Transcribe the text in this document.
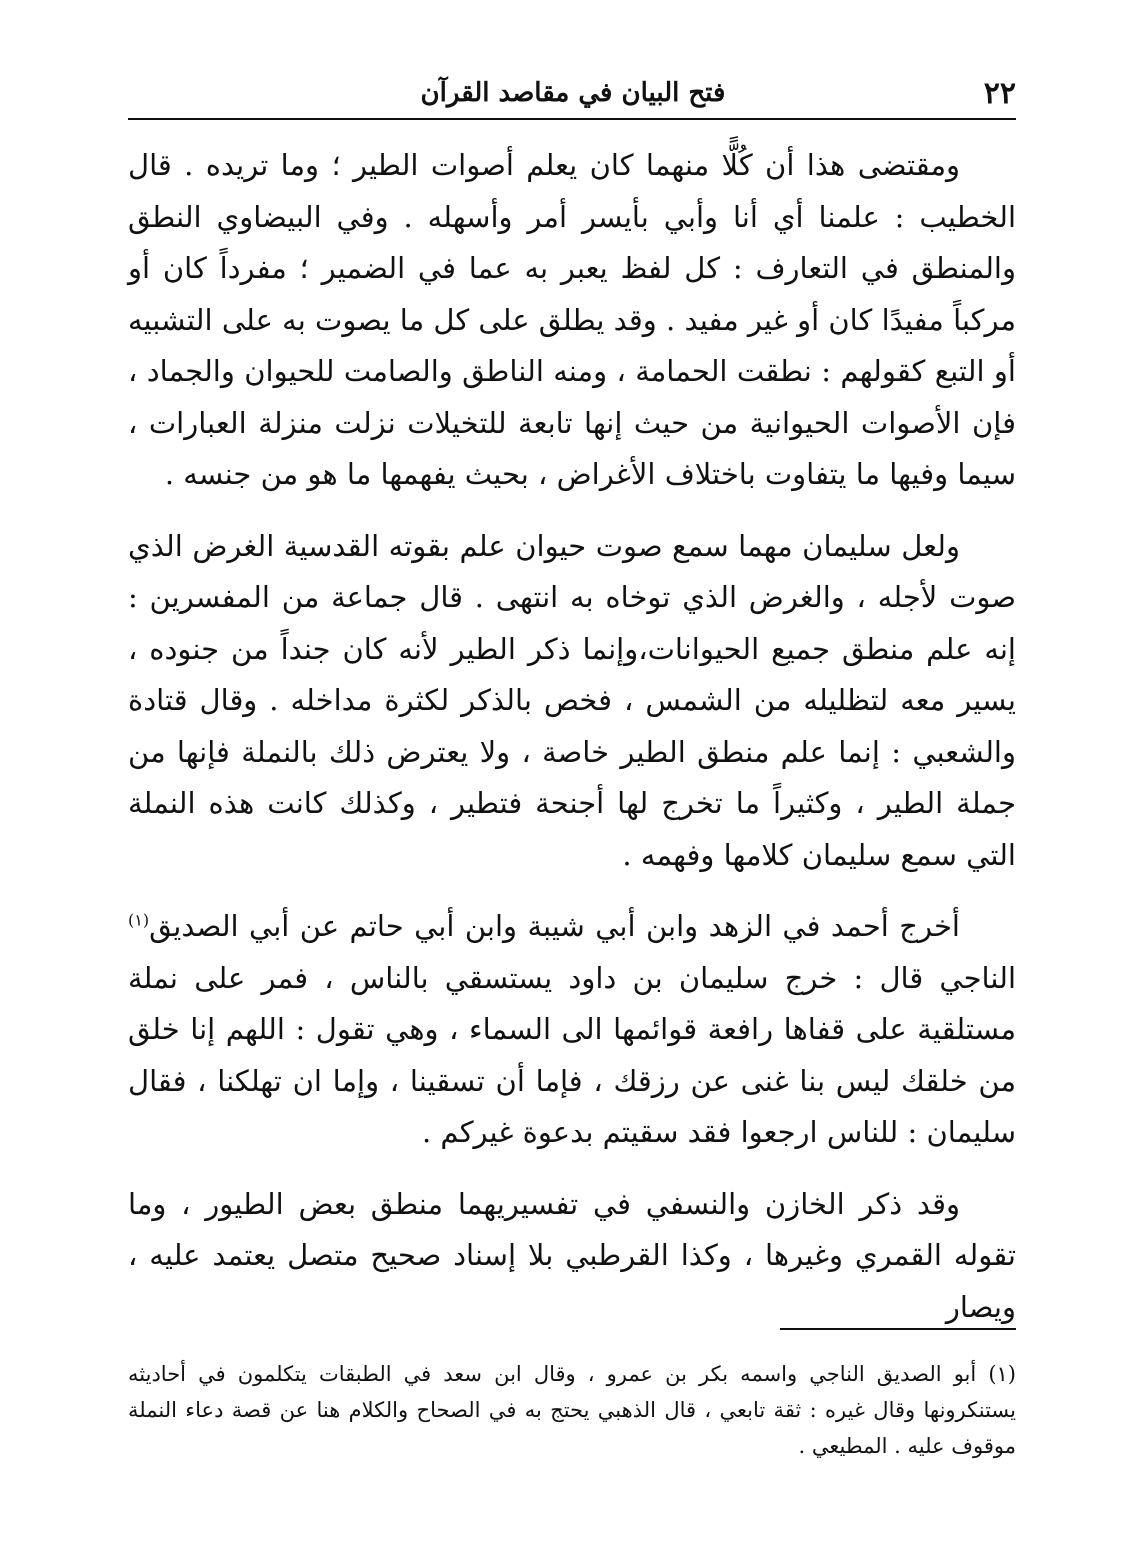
٢٢
فتح البيان في مقاصد القرآن

ومقتضى هذا أن كُلًّا منهما كان يعلم أصوات الطير ؛ وما تريده . قال الخطيب : علمنا أي أنا وأبي بأيسر أمر وأسهله . وفي البيضاوي النطق والمنطق في التعارف : كل لفظ يعبر به عما في الضمير ؛ مفرداً كان أو مركباً مفيدًا كان أو غير مفيد . وقد يطلق على كل ما يصوت به على التشبيه أو التبع كقولهم : نطقت الحمامة ، ومنه الناطق والصامت للحيوان والجماد ، فإن الأصوات الحيوانية من حيث إنها تابعة للتخيلات نزلت منزلة العبارات ، سيما وفيها ما يتفاوت باختلاف الأغراض ، بحيث يفهمها ما هو من جنسه .

ولعل سليمان مهما سمع صوت حيوان علم بقوته القدسية الغرض الذي صوت لأجله ، والغرض الذي توخاه به انتهى . قال جماعة من المفسرين : إنه علم منطق جميع الحيوانات،وإنما ذكر الطير لأنه كان جنداً من جنوده ، يسير معه لتظليله من الشمس ، فخص بالذكر لكثرة مداخله . وقال قتادة والشعبي : إنما علم منطق الطير خاصة ، ولا يعترض ذلك بالنملة فإنها من جملة الطير ، وكثيراً ما تخرج لها أجنحة فتطير ، وكذلك كانت هذه النملة التي سمع سليمان كلامها وفهمه .

أخرج أحمد في الزهد وابن أبي شيبة وابن أبي حاتم عن أبي الصديق$^{(١)}$ الناجي قال : خرج سليمان بن داود يستسقي بالناس ، فمر على نملة مستلقية على قفاها رافعة قوائمها الى السماء ، وهي تقول : اللهم إنا خلق من خلقك ليس بنا غنى عن رزقك ، فإما أن تسقينا ، وإما ان تهلكنا ، فقال سليمان : للناس ارجعوا فقد سقيتم بدعوة غيركم .

وقد ذكر الخازن والنسفي في تفسيريهما منطق بعض الطيور ، وما تقوله القمري وغيرها ، وكذا القرطبي بلا إسناد صحيح متصل يعتمد عليه ، ويصار

(١) أبو الصديق الناجي واسمه بكر بن عمرو ، وقال ابن سعد في الطبقات يتكلمون في أحاديثه يستنكرونها وقال غيره : ثقة تابعي ، قال الذهبي يحتج به في الصحاح والكلام هنا عن قصة دعاء النملة موقوف عليه . المطيعي .
